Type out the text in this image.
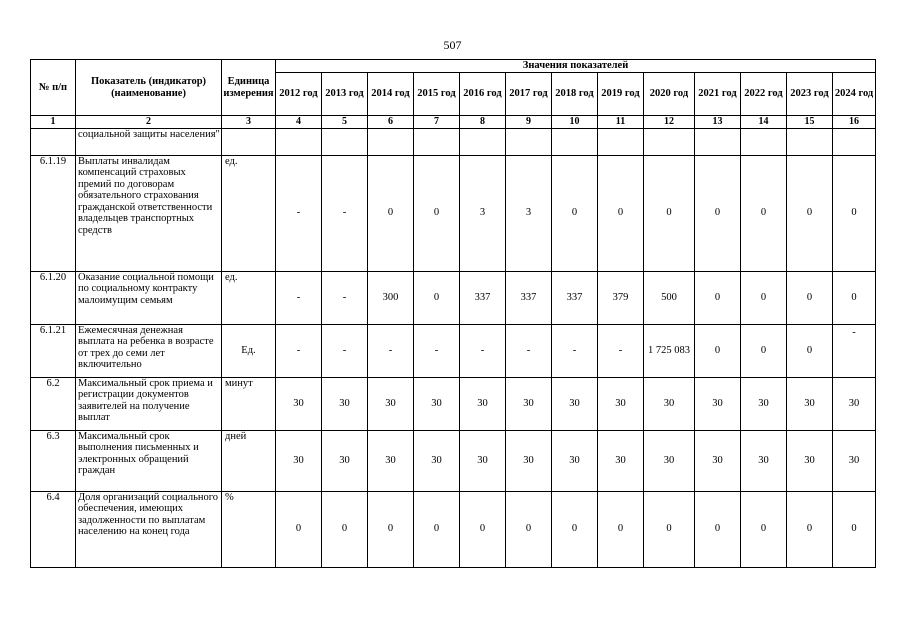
507
№ п/п	Показатель (индикатор) (наименование)	Единица измерения	Значения показателей												
			2012 год	2013 год	2014 год	2015 год	2016 год	2017 год	2018 год	2019 год	2020 год	2021 год	2022 год	2023 год	2024 год
1	2	3	4	5	6	7	8	9	10	11	12	13	14	15	16
	социальной защиты населения"														
6.1.19	Выплаты инвалидам компенсаций страховых премий по договорам обязательного страхования гражданской ответственности владельцев транспортных средств	ед.	-	-	0	0	3	3	0	0	0	0	0	0	0
6.1.20	Оказание социальной помощи по социальному контракту малоимущим семьям	ед.	-	-	300	0	337	337	337	379	500	0	0	0	0
6.1.21	Ежемесячная денежная выплата на ребенка в возрасте от трех до семи лет включительно	Ед.	-	-	-	-	-	-	-	-	1 725 083	0	0	0	-
6.2	Максимальный срок приема и регистрации документов заявителей на получение выплат	минут	30	30	30	30	30	30	30	30	30	30	30	30	30
6.3	Максимальный срок выполнения письменных и электронных обращений граждан	дней	30	30	30	30	30	30	30	30	30	30	30	30	30
6.4	Доля организаций социального обеспечения, имеющих задолженности по выплатам населению на конец года	%	0	0	0	0	0	0	0	0	0	0	0	0	0
